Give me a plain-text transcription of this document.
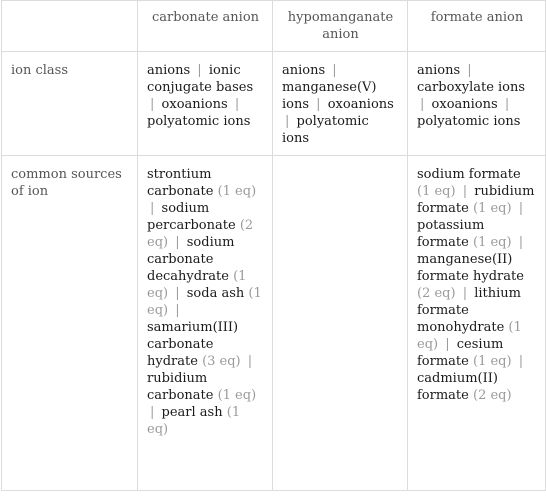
	carbonate anion	hypomanganate anion	formate anion
ion class	anions | ionic conjugate bases | oxoanions | polyatomic ions	anions | manganese(V) ions | oxoanions | polyatomic ions	anions | carboxylate ions | oxoanions | polyatomic ions
common sources of ion	strontium carbonate (1 eq) | sodium percarbonate (2 eq) | sodium carbonate decahydrate (1 eq) | soda ash (1 eq) | samarium(III) carbonate hydrate (3 eq) | rubidium carbonate (1 eq) | pearl ash (1 eq)		sodium formate (1 eq) | rubidium formate (1 eq) | potassium formate (1 eq) | manganese(II) formate hydrate (2 eq) | lithium formate monohydrate (1 eq) | cesium formate (1 eq) | cadmium(II) formate (2 eq)
